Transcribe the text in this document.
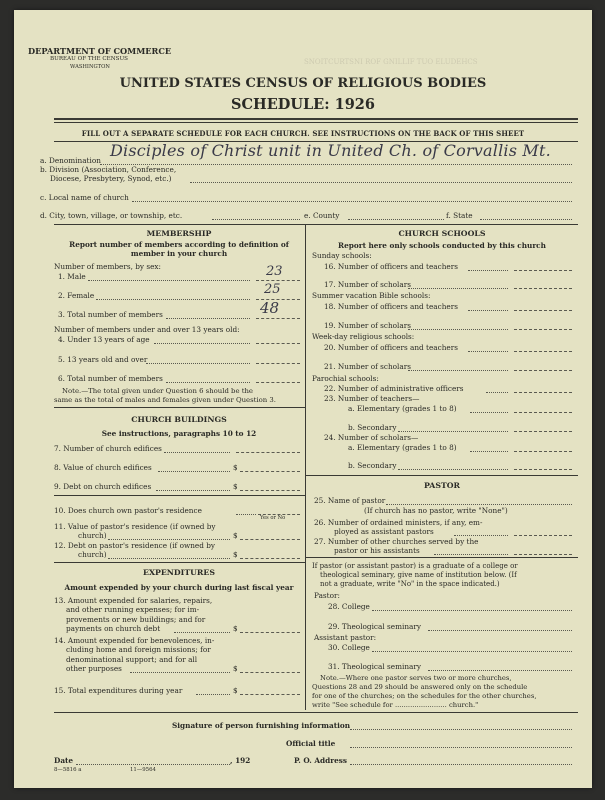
SNOITCURTSNI ROF GNILLIF TUO ELUDEHCS
DEPARTMENT OF COMMERCE
BUREAU OF THE CENSUS
WASHINGTON
UNITED STATES CENSUS OF RELIGIOUS BODIES
SCHEDULE: 1926
FILL OUT A SEPARATE SCHEDULE FOR EACH CHURCH. SEE INSTRUCTIONS ON THE BACK OF THIS SHEET
a. Denomination
Disciples of Christ unit in United Ch. of Corvallis Mt.
b. Division (Association, Conference,
Diocese, Presbytery, Synod, etc.)
c. Local name of church
d. City, town, village, or township, etc.	e. County	f. State
MEMBERSHIP
Report number of members according to definition of
member in your church
Number of members, by sex:
1. Male	23
2. Female	25
3. Total number of members	48
Number of members under and over 13 years old:
4. Under 13 years of age
5. 13 years old and over
6. Total number of members
Note.—The total given under Question 6 should be the
same as the total of males and females given under Question 3.
CHURCH BUILDINGS
See instructions, paragraphs 10 to 12
7. Number of church edifices
8. Value of church edifices	$
9. Debt on church edifices	$
10. Does church own pastor's residence
Yes or No
11. Value of pastor's residence (if owned by
church)	$
12. Debt on pastor's residence (if owned by
church)	$
EXPENDITURES
Amount expended by your church during last fiscal year
13. Amount expended for salaries, repairs,
and other running expenses; for im-
provements or new buildings; and for
payments on church debt	$
14. Amount expended for benevolences, in-
cluding home and foreign missions; for
denominational support; and for all
other purposes	$
15. Total expenditures during year	$
CHURCH SCHOOLS
Report here only schools conducted by this church
Sunday schools:
16. Number of officers and teachers
17. Number of scholars
Summer vacation Bible schools:
18. Number of officers and teachers
19. Number of scholars
Week-day religious schools:
20. Number of officers and teachers
21. Number of scholars
Parochial schools:
22. Number of administrative officers
23. Number of teachers—
a. Elementary (grades 1 to 8)
b. Secondary
24. Number of scholars—
a. Elementary (grades 1 to 8)
b. Secondary
PASTOR
25. Name of pastor
(If church has no pastor, write "None")
26. Number of ordained ministers, if any, em-
ployed as assistant pastors
27. Number of other churches served by the
pastor or his assistants
If pastor (or assistant pastor) is a graduate of a college or
theological seminary, give name of institution below. (If
not a graduate, write "No" in the space indicated.)
Pastor:
28. College
29. Theological seminary
Assistant pastor:
30. College
31. Theological seminary
Note.—Where one pastor serves two or more churches,
Questions 28 and 29 should be answered only on the schedule
for one of the churches; on the schedules for the other churches,
write "See schedule for ........................ church."
Signature of person furnishing information
Official title
Date	, 192	P. O. Address
8—5816 a	11—9564
